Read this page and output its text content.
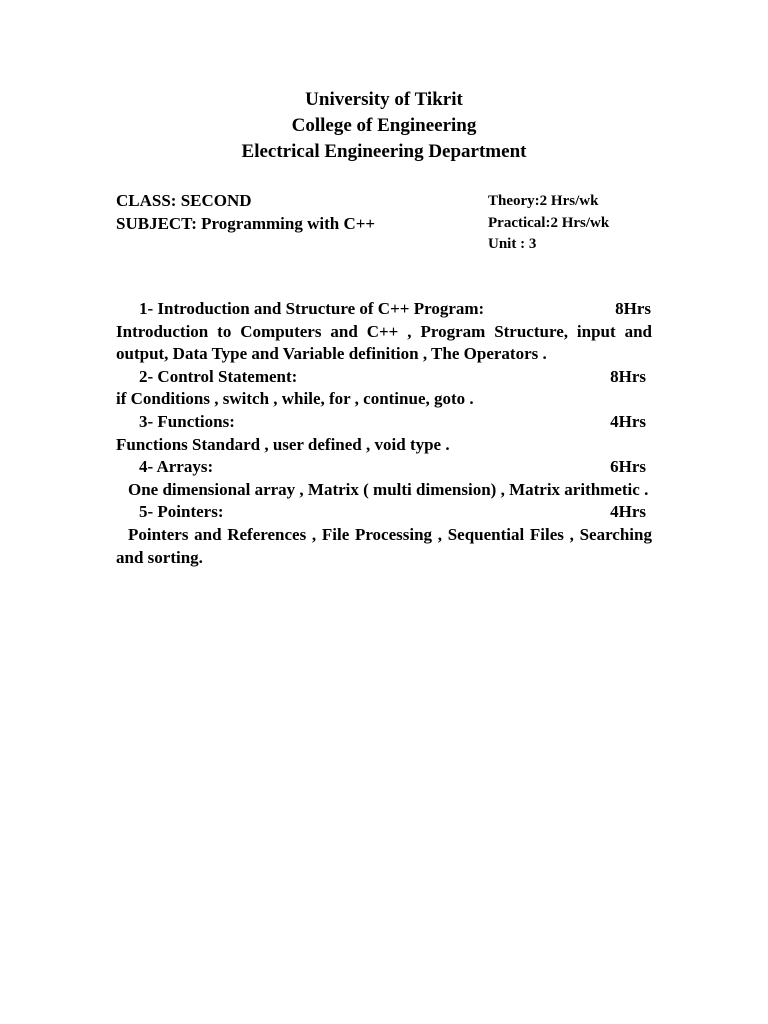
University of Tikrit
College of Engineering
Electrical Engineering Department
CLASS: SECOND
SUBJECT: Programming with C++
Theory:2 Hrs/wk
Practical:2 Hrs/wk
Unit : 3
1- Introduction and Structure of C++ Program:	8Hrs

Introduction to Computers and C++ , Program Structure, input and output, Data Type and Variable definition , The Operators .

2- Control Statement:	8Hrs

if Conditions , switch , while, for , continue, goto .

3- Functions:	4Hrs

Functions Standard , user defined , void type .

4- Arrays:	6Hrs

One dimensional array , Matrix ( multi dimension) , Matrix arithmetic .

5- Pointers:	4Hrs

Pointers and References , File Processing , Sequential Files , Searching and sorting.
